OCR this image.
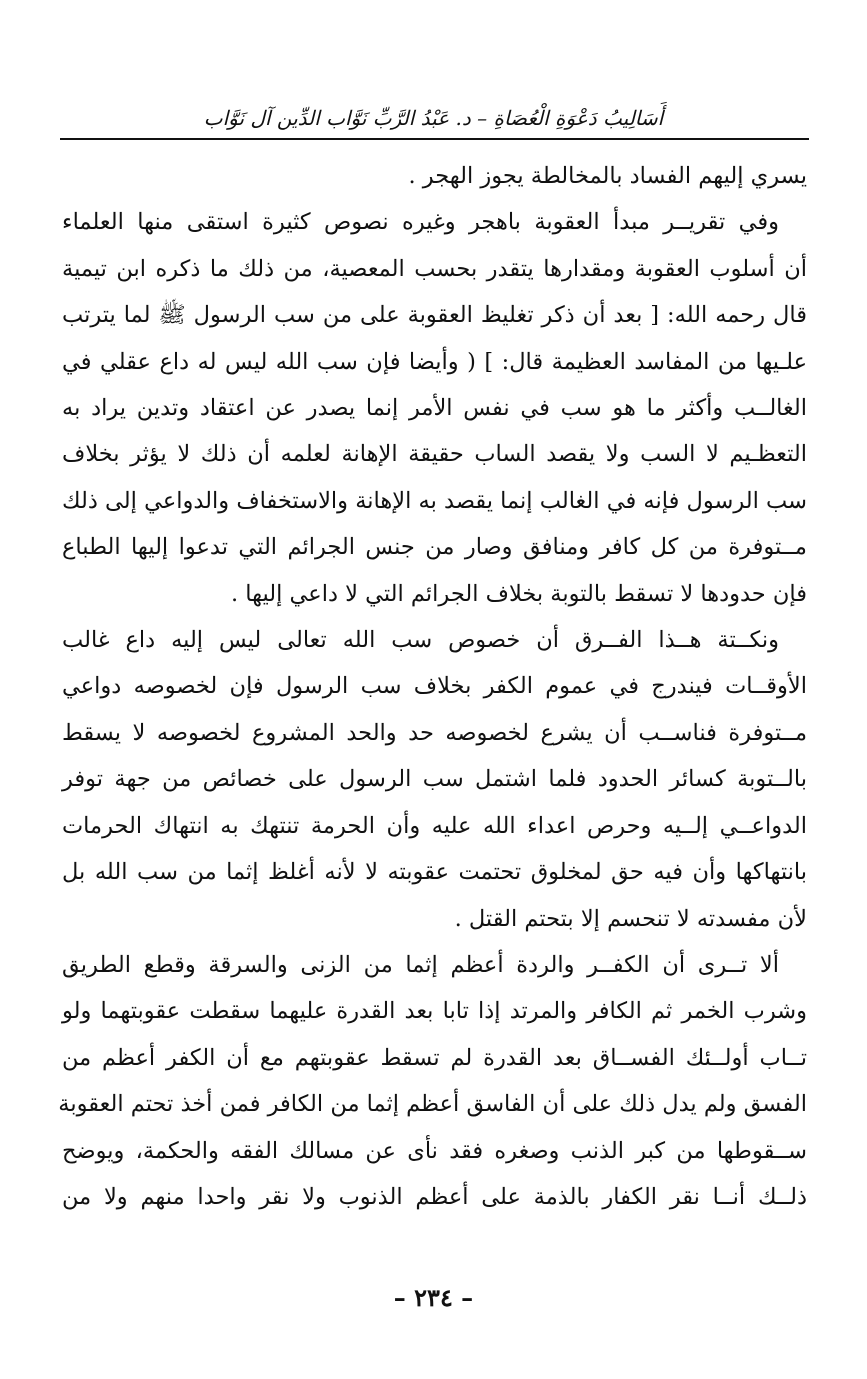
أَسَالِيبُ دَعْوَةِ الْعُصَاةِ – د. عَبْدُ الرَّبِّ نَوَّاب الدِّين آل نَوَّاب

يسري إليهم الفساد بالمخالطة يجوز الهجر .

وفي تقريــر مبدأ العقوبة باهجر وغيره نصوص كثيرة استقى منها العلماء
أن أسلوب العقوبة ومقدارها يتقدر بحسب المعصية، من ذلك ما ذكره ابن تيمية
قال رحمه الله: [ بعد أن ذكر تغليظ العقوبة على من سب الرسول ﷺ لما يترتب
علـيها من المفاسد العظيمة قال: ] ( وأيضا فإن سب الله ليس له داع عقلي في
الغالــب وأكثر ما هو سب في نفس الأمر إنما يصدر عن اعتقاد وتدين يراد به
التعظـيم لا السب ولا يقصد الساب حقيقة الإهانة لعلمه أن ذلك لا يؤثر بخلاف
سب الرسول فإنه في الغالب إنما يقصد به الإهانة والاستخفاف والدواعي إلى ذلك
مــتوفرة من كل كافر ومنافق وصار من جنس الجرائم التي تدعوا إليها الطباع
فإن حدودها لا تسقط بالتوبة بخلاف الجرائم التي لا داعي إليها .

ونكــتة هــذا الفــرق أن خصوص سب الله تعالى ليس إليه داع غالب
الأوقــات فيندرج في عموم الكفر بخلاف سب الرسول فإن لخصوصه دواعي
مــتوفرة فناســب أن يشرع لخصوصه حد والحد المشروع لخصوصه لا يسقط
بالــتوبة كسائر الحدود فلما اشتمل سب الرسول على خصائص من جهة توفر
الدواعــي إلــيه وحرص اعداء الله عليه وأن الحرمة تنتهك به انتهاك الحرمات
بانتهاكها وأن فيه حق لمخلوق تحتمت عقوبته لا لأنه أغلظ إثما من سب الله بل
لأن مفسدته لا تنحسم إلا بتحتم القتل .

ألا تــرى أن الكفــر والردة أعظم إثما من الزنى والسرقة وقطع الطريق
وشرب الخمر ثم الكافر والمرتد إذا تابا بعد القدرة عليهما سقطت عقوبتهما ولو
تــاب أولــئك الفســاق بعد القدرة لم تسقط عقوبتهم مع أن الكفر أعظم من
الفسق ولم يدل ذلك على أن الفاسق أعظم إثما من الكافر فمن أخذ تحتم العقوبة
ســقوطها من كبر الذنب وصغره فقد نأى عن مسالك الفقه والحكمة، ويوضح
ذلــك أنــا نقر الكفار بالذمة على أعظم الذنوب ولا نقر واحدا منهم ولا من

– ٢٣٤ –
